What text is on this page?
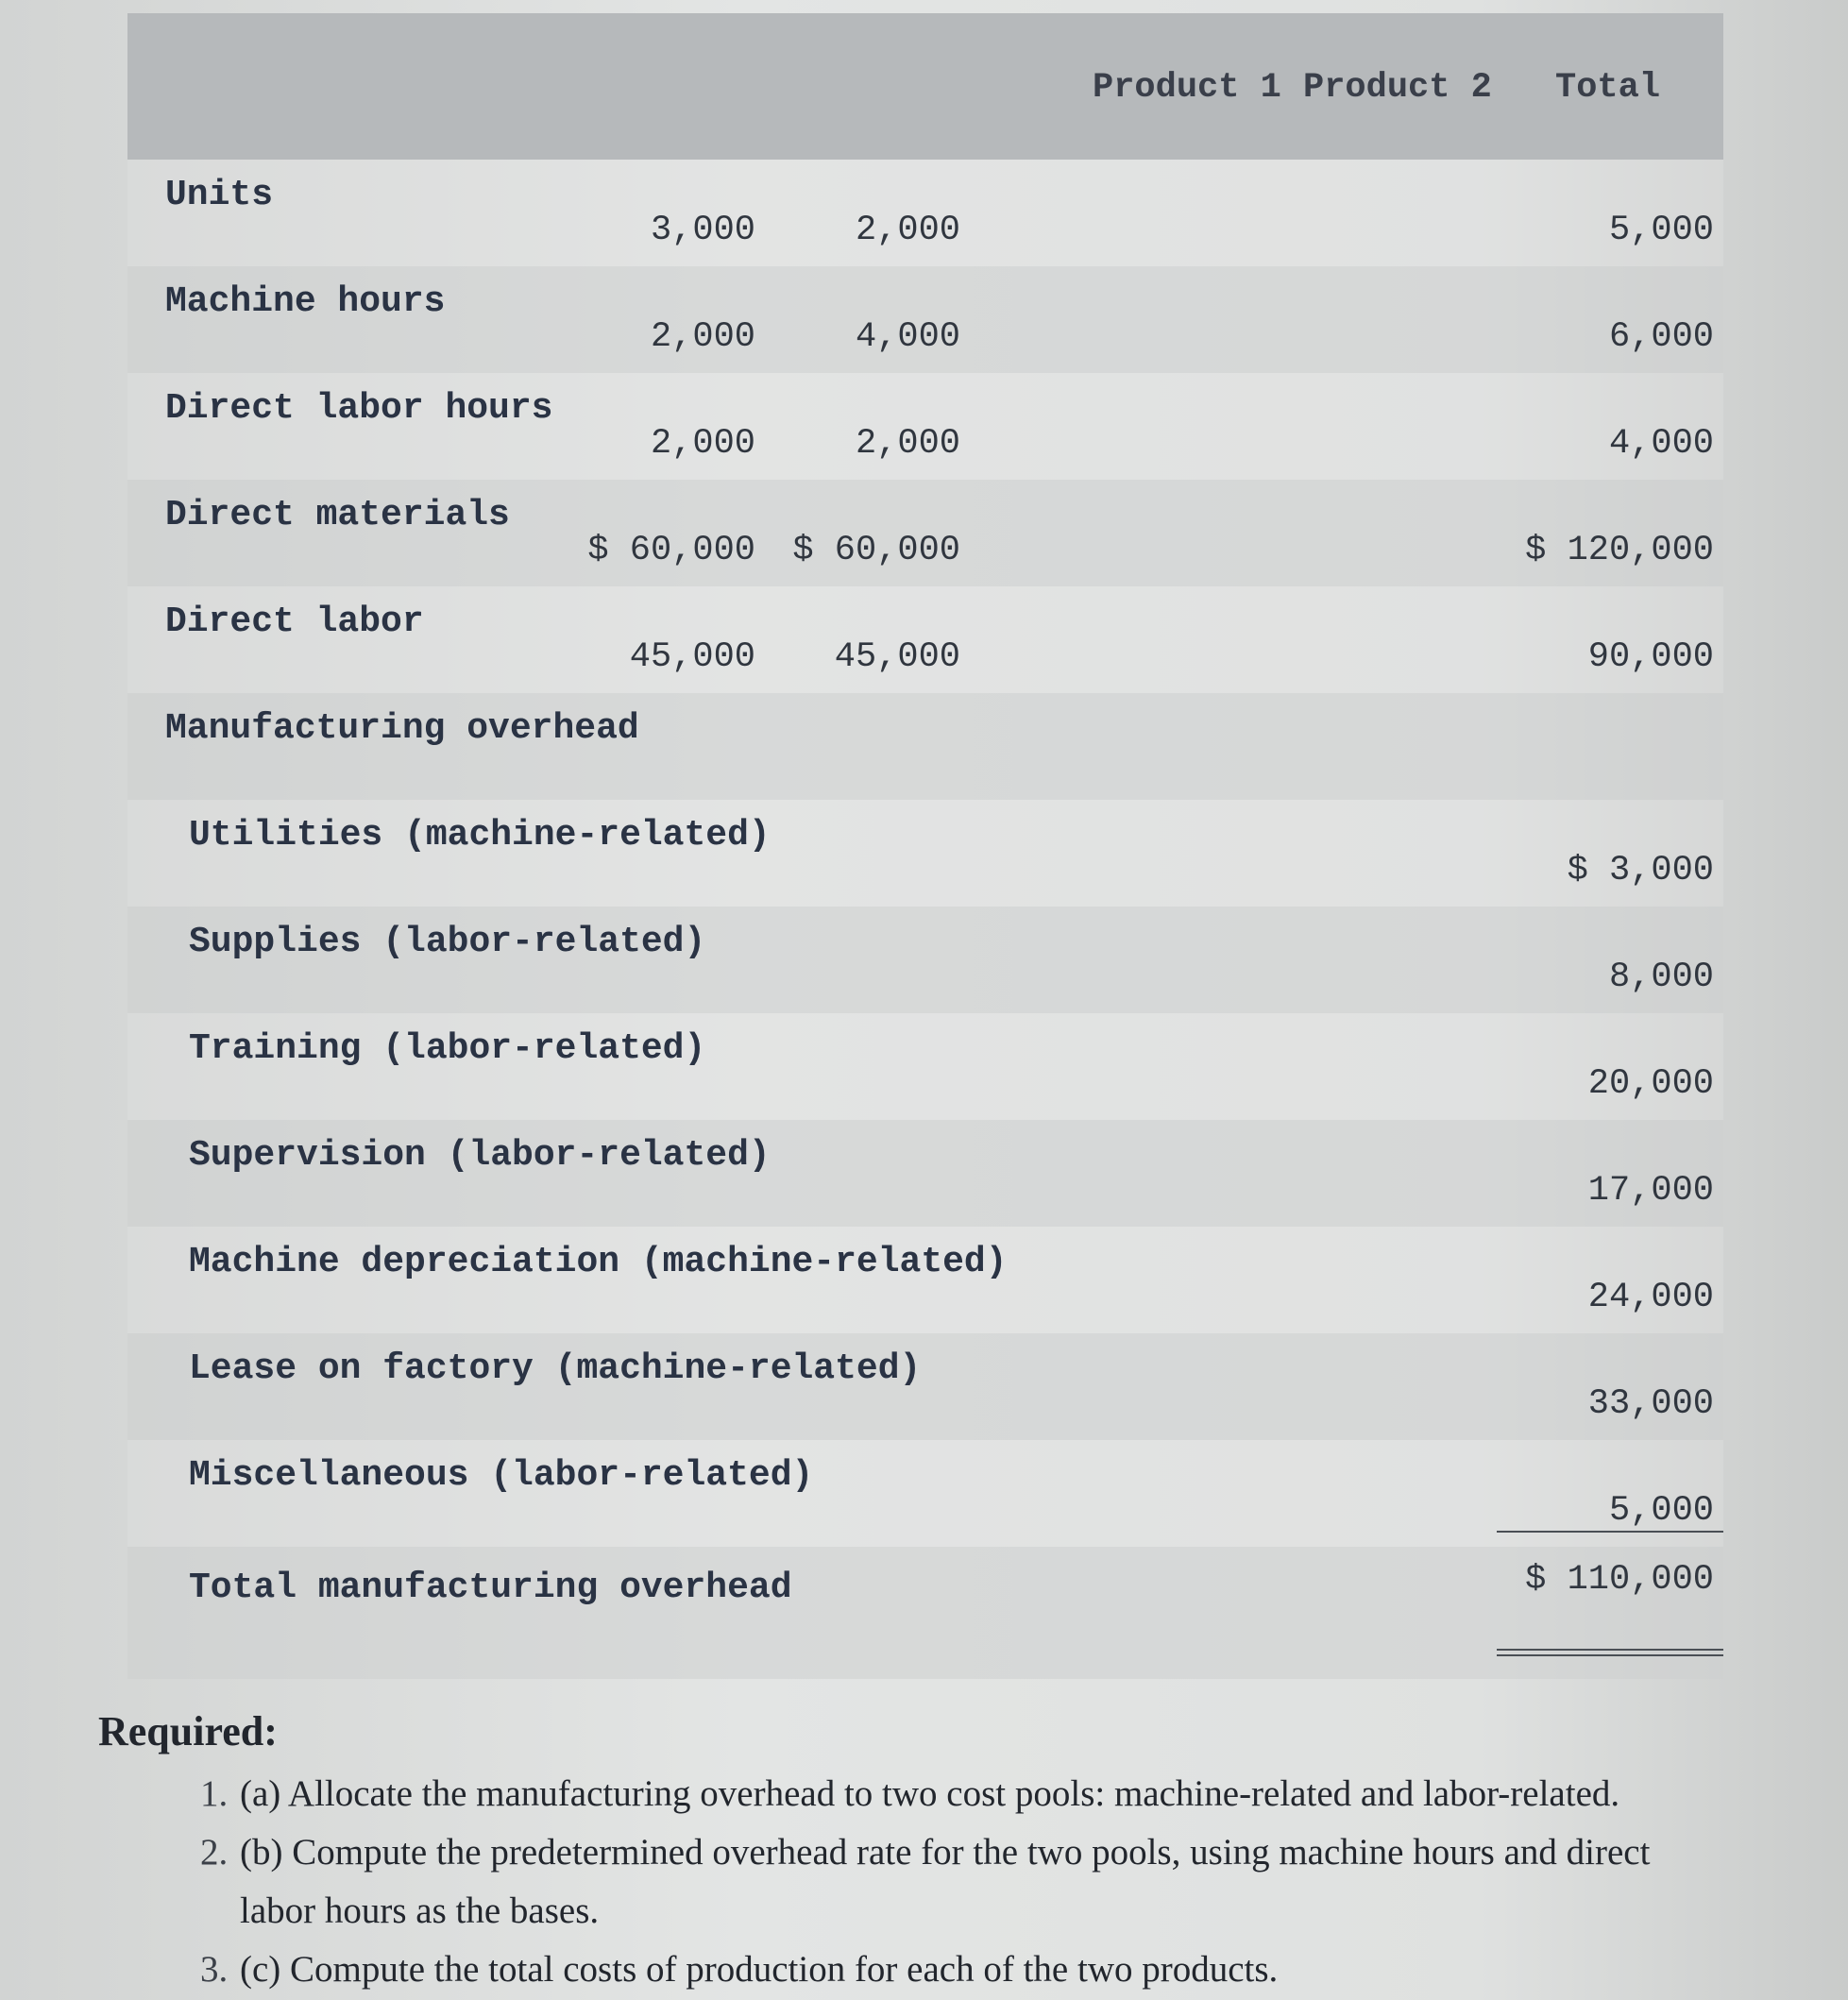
Product 1 Product 2 Total
Units
3,000	2,000	5,000
Machine hours
2,000	4,000	6,000
Direct labor hours
2,000	2,000	4,000
Direct materials
$ 60,000 $ 60,000	$ 120,000
Direct labor
45,000 45,000	90,000
Manufacturing overhead
Utilities (machine-related)
$ 3,000
Supplies (labor-related)
8,000
Training (labor-related)
20,000
Supervision (labor-related)
17,000
Machine depreciation (machine-related)
24,000
Lease on factory (machine-related)
33,000
Miscellaneous (labor-related)
5,000
Total manufacturing overhead	$ 110,000
Required:
1. (a) Allocate the manufacturing overhead to two cost pools: machine-related and labor-related.
2. (b) Compute the predetermined overhead rate for the two pools, using machine hours and direct
labor hours as the bases.
3. (c) Compute the total costs of production for each of the two products.
